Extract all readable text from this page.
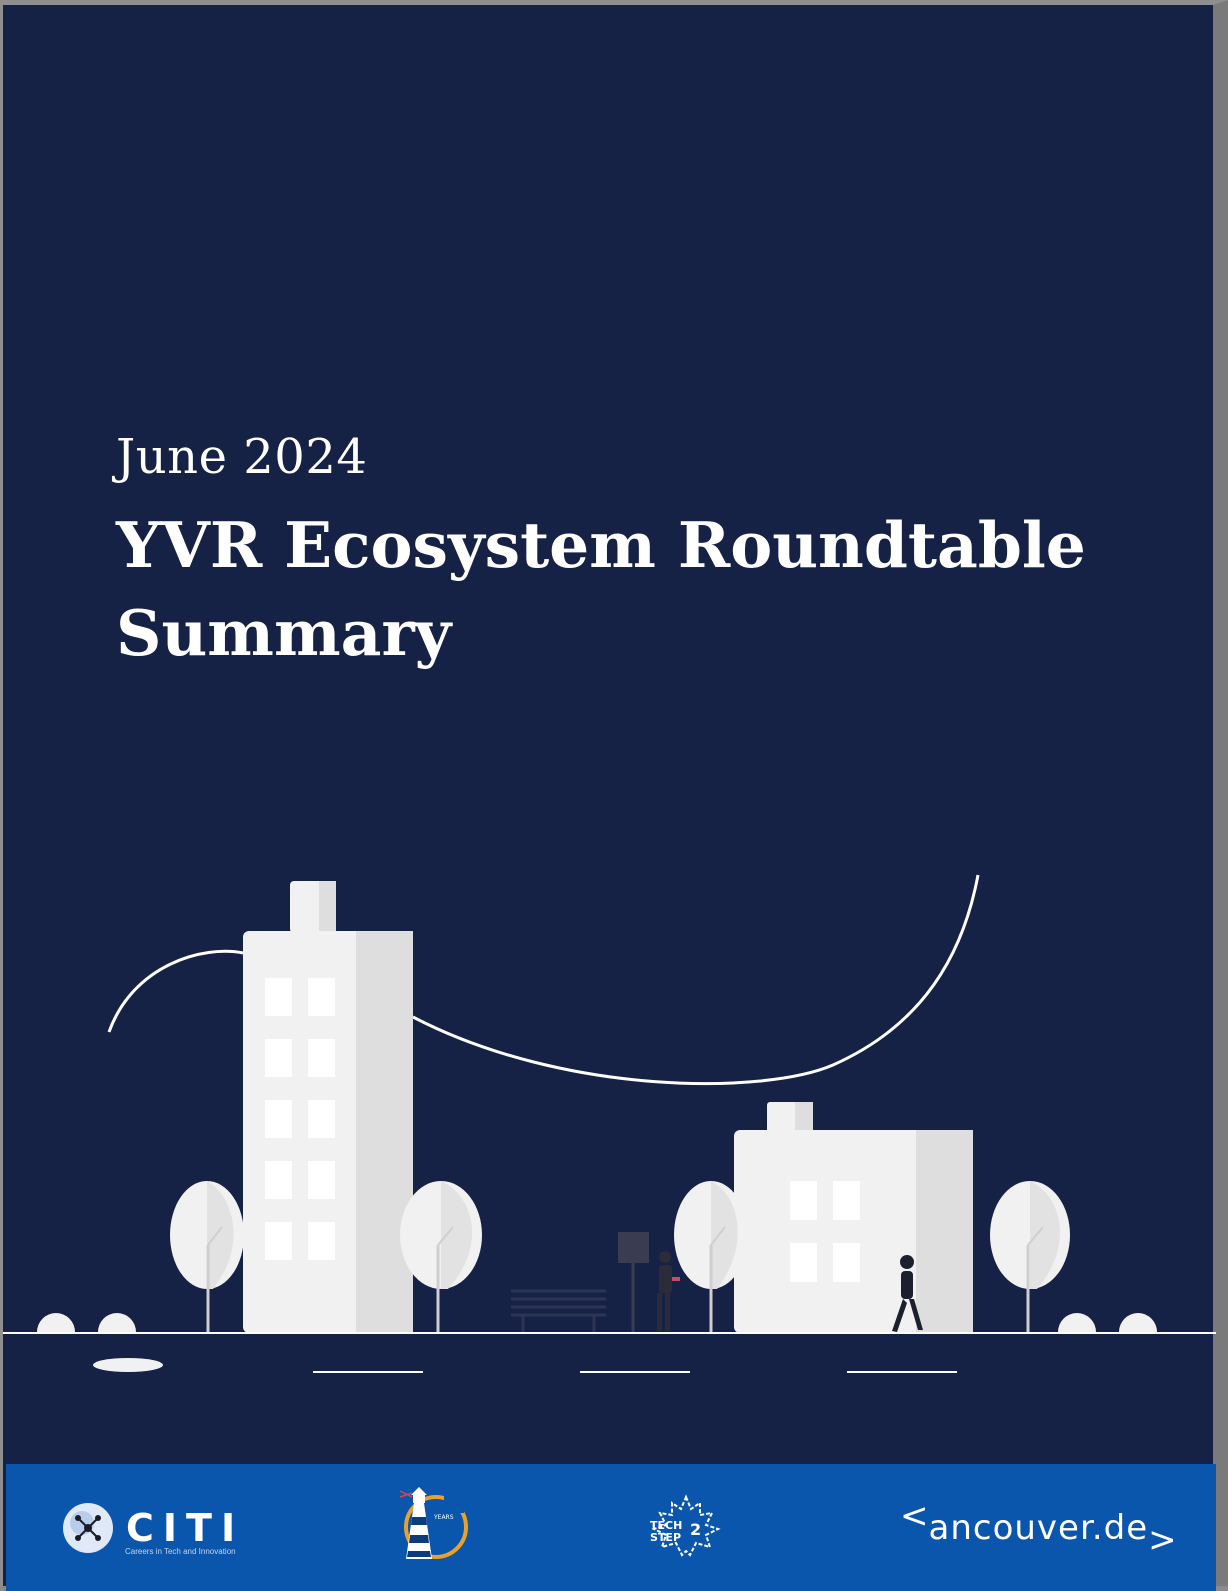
June 2024
YVR Ecosystem Roundtable Summary
CITI
Careers in Tech and Innovation
YEARS
TECH
STEP 2	< ancouver.de >
